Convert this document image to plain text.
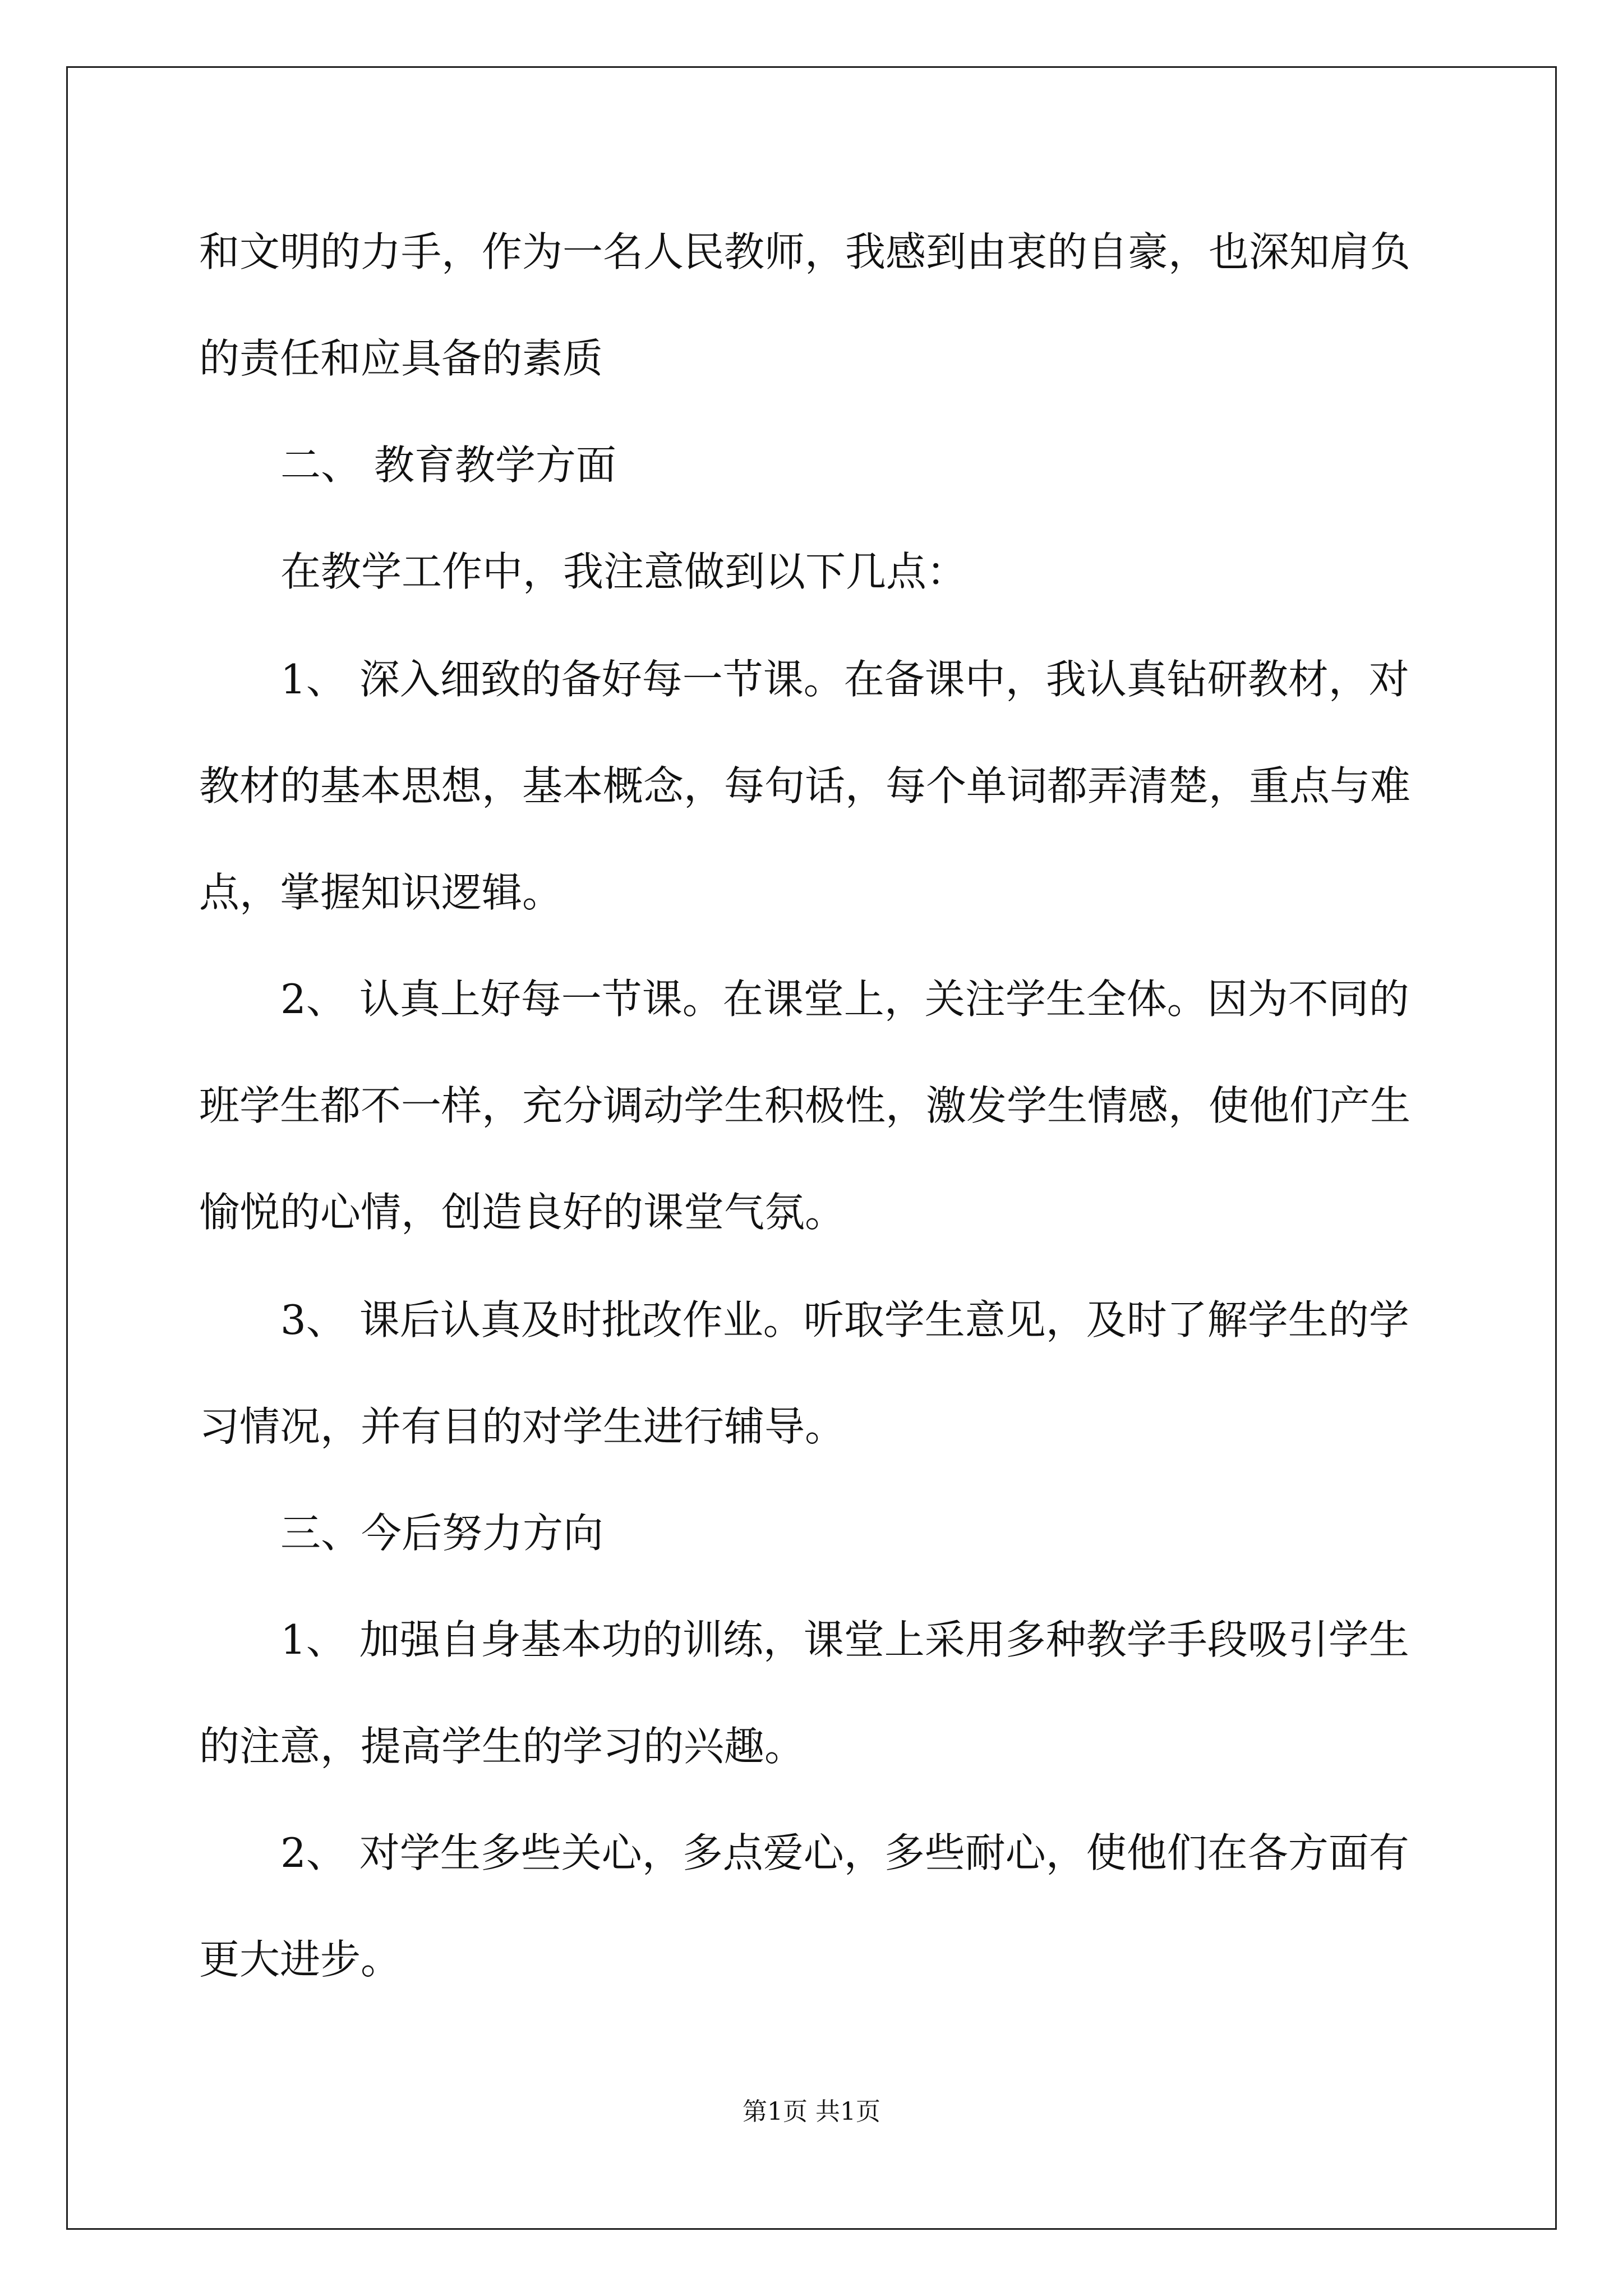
和文明的力手，作为一名人民教师，我感到由衷的自豪，也深知肩负
的责任和应具备的素质
二、 教育教学方面
在教学工作中，我注意做到以下几点：
1、 深入细致的备好每一节课。在备课中，我认真钻研教材，对
教材的基本思想，基本概念，每句话，每个单词都弄清楚，重点与难
点，掌握知识逻辑。
2、 认真上好每一节课。在课堂上，关注学生全体。因为不同的
班学生都不一样，充分调动学生积极性，激发学生情感，使他们产生
愉悦的心情，创造良好的课堂气氛。
3、 课后认真及时批改作业。听取学生意见，及时了解学生的学
习情况，并有目的对学生进行辅导。
三、今后努力方向
1、 加强自身基本功的训练，课堂上采用多种教学手段吸引学生
的注意，提高学生的学习的兴趣。
2、 对学生多些关心，多点爱心，多些耐心，使他们在各方面有
更大进步。

第1页 共1页
